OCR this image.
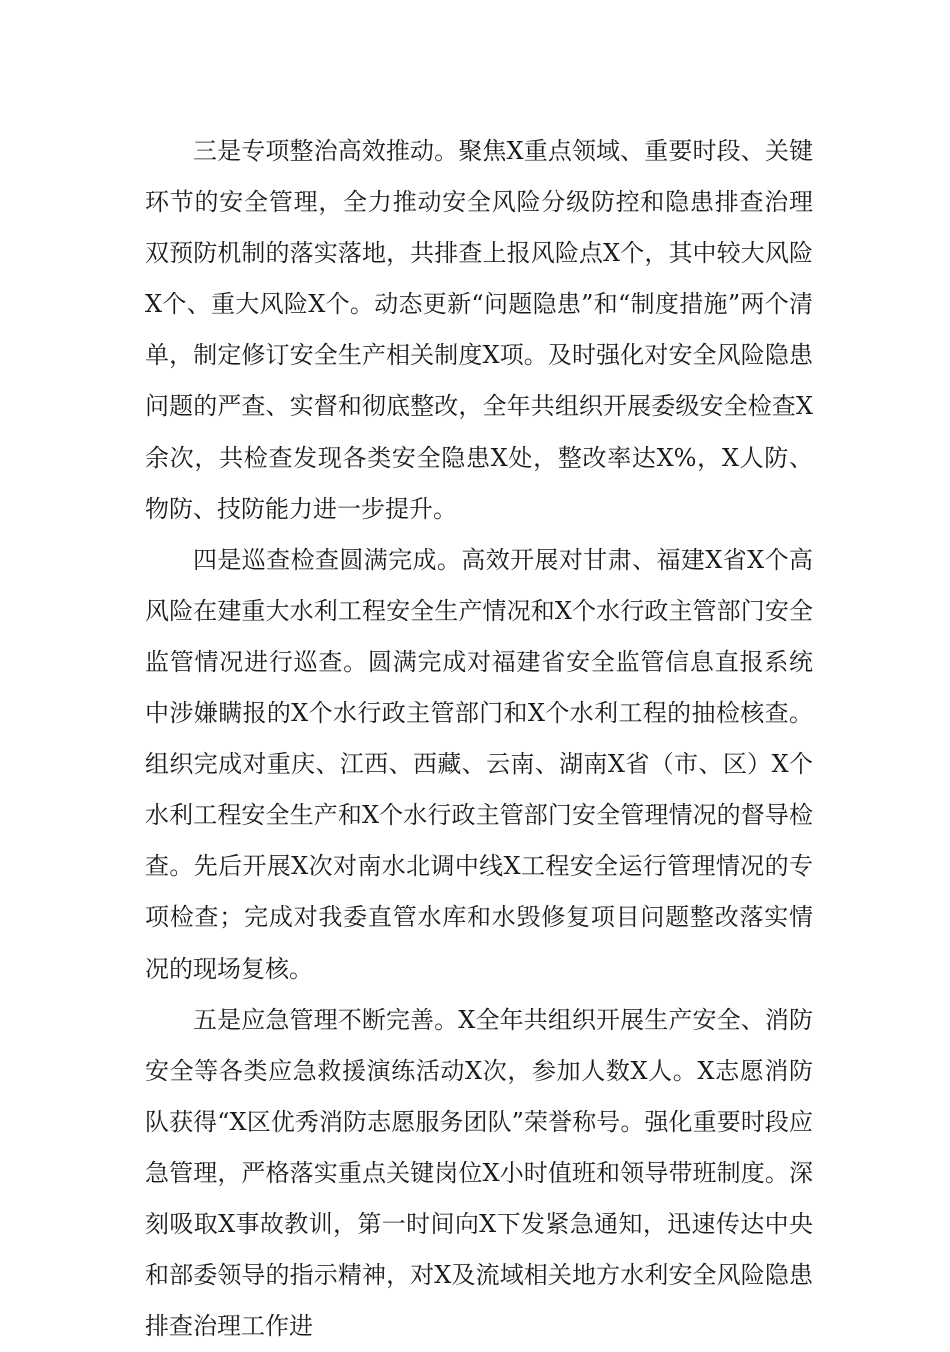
三是专项整治高效推动。聚焦X重点领域、重要时段、关键环节的安全管理，全力推动安全风险分级防控和隐患排查治理双预防机制的落实落地，共排查上报风险点X个，其中较大风险X个、重大风险X个。动态更新“问题隐患”和“制度措施”两个清单，制定修订安全生产相关制度X项。及时强化对安全风险隐患问题的严查、实督和彻底整改，全年共组织开展委级安全检查X余次，共检查发现各类安全隐患X处，整改率达X%，X人防、物防、技防能力进一步提升。

四是巡查检查圆满完成。高效开展对甘肃、福建X省X个高风险在建重大水利工程安全生产情况和X个水行政主管部门安全监管情况进行巡查。圆满完成对福建省安全监管信息直报系统中涉嫌瞒报的X个水行政主管部门和X个水利工程的抽检核查。组织完成对重庆、江西、西藏、云南、湖南X省（市、区）X个水利工程安全生产和X个水行政主管部门安全管理情况的督导检查。先后开展X次对南水北调中线X工程安全运行管理情况的专项检查；完成对我委直管水库和水毁修复项目问题整改落实情况的现场复核。

五是应急管理不断完善。X全年共组织开展生产安全、消防安全等各类应急救援演练活动X次，参加人数X人。X志愿消防队获得“X区优秀消防志愿服务团队”荣誉称号。强化重要时段应急管理，严格落实重点关键岗位X小时值班和领导带班制度。深刻吸取X事故教训，第一时间向X下发紧急通知，迅速传达中央和部委领导的指示精神，对X及流域相关地方水利安全风险隐患排查治理工作进
